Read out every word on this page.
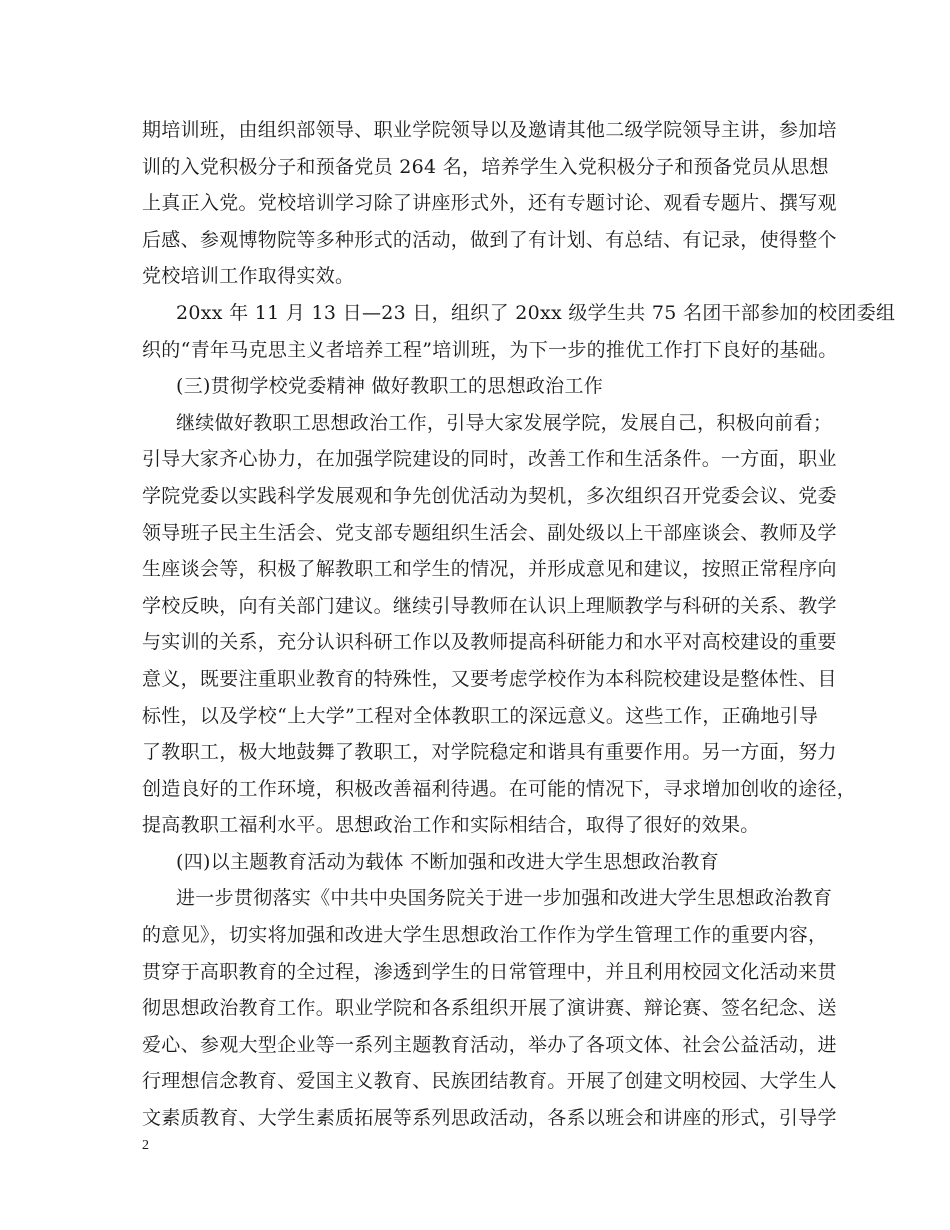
期培训班，由组织部领导、职业学院领导以及邀请其他二级学院领导主讲，参加培
训的入党积极分子和预备党员 264 名，培养学生入党积极分子和预备党员从思想
上真正入党。党校培训学习除了讲座形式外，还有专题讨论、观看专题片、撰写观
后感、参观博物院等多种形式的活动，做到了有计划、有总结、有记录，使得整个
党校培训工作取得实效。
20xx 年 11 月 13 日—23 日，组织了 20xx 级学生共 75 名团干部参加的校团委组
织的“青年马克思主义者培养工程”培训班，为下一步的推优工作打下良好的基础。
(三)贯彻学校党委精神 做好教职工的思想政治工作
继续做好教职工思想政治工作，引导大家发展学院，发展自己，积极向前看；
引导大家齐心协力，在加强学院建设的同时，改善工作和生活条件。一方面，职业
学院党委以实践科学发展观和争先创优活动为契机，多次组织召开党委会议、党委
领导班子民主生活会、党支部专题组织生活会、副处级以上干部座谈会、教师及学
生座谈会等，积极了解教职工和学生的情况，并形成意见和建议，按照正常程序向
学校反映，向有关部门建议。继续引导教师在认识上理顺教学与科研的关系、教学
与实训的关系，充分认识科研工作以及教师提高科研能力和水平对高校建设的重要
意义，既要注重职业教育的特殊性，又要考虑学校作为本科院校建设是整体性、目
标性，以及学校“上大学”工程对全体教职工的深远意义。这些工作，正确地引导
了教职工，极大地鼓舞了教职工，对学院稳定和谐具有重要作用。另一方面，努力
创造良好的工作环境，积极改善福利待遇。在可能的情况下，寻求增加创收的途径，
提高教职工福利水平。思想政治工作和实际相结合，取得了很好的效果。
(四)以主题教育活动为载体 不断加强和改进大学生思想政治教育
进一步贯彻落实《中共中央国务院关于进一步加强和改进大学生思想政治教育
的意见》，切实将加强和改进大学生思想政治工作作为学生管理工作的重要内容，
贯穿于高职教育的全过程，渗透到学生的日常管理中，并且利用校园文化活动来贯
彻思想政治教育工作。职业学院和各系组织开展了演讲赛、辩论赛、签名纪念、送
爱心、参观大型企业等一系列主题教育活动，举办了各项文体、社会公益活动，进
行理想信念教育、爱国主义教育、民族团结教育。开展了创建文明校园、大学生人
文素质教育、大学生素质拓展等系列思政活动，各系以班会和讲座的形式，引导学
2
